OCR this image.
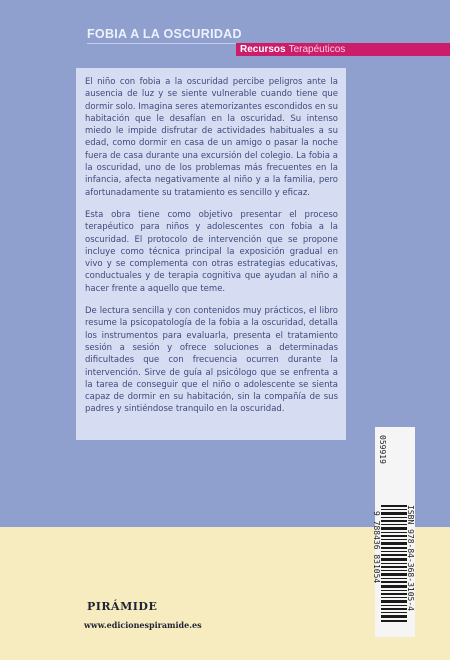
FOBIA A LA OSCURIDAD
Recursos Terapéuticos

El niño con fobia a la oscuridad percibe peligros ante la ausencia de luz y se siente vulnerable cuando tiene que dormir solo. Imagina seres atemorizantes escondidos en su habitación que le desafían en la oscuridad. Su intenso miedo le impide disfrutar de actividades habituales a su edad, como dormir en casa de un amigo o pasar la noche fuera de casa durante una excursión del colegio. La fobia a la oscuridad, uno de los problemas más frecuentes en la infancia, afecta negativamente al niño y a la familia, pero afortunadamente su tratamiento es sencillo y eficaz.

Esta obra tiene como objetivo presentar el proceso terapéutico para niños y adolescentes con fobia a la oscuridad. El protocolo de intervención que se propone incluye como técnica principal la exposición gradual en vivo y se complementa con otras estrategias educativas, conductuales y de terapia cognitiva que ayudan al niño a hacer frente a aquello que teme.

De lectura sencilla y con contenidos muy prácticos, el libro resume la psicopatología de la fobia a la oscuridad, detalla los instrumentos para evaluarla, presenta el tratamiento sesión a sesión y ofrece soluciones a determinadas dificultades que con frecuencia ocurren durante la intervención. Sirve de guía al psicólogo que se enfrenta a la tarea de conseguir que el niño o adolescente se sienta capaz de dormir en su habitación, sin la compañía de sus padres y sintiéndose tranquilo en la oscuridad.

059919
ISBN 978-84-368-3105-4
9 788436 831054
PIRÁMIDE
www.edicionespiramide.es
